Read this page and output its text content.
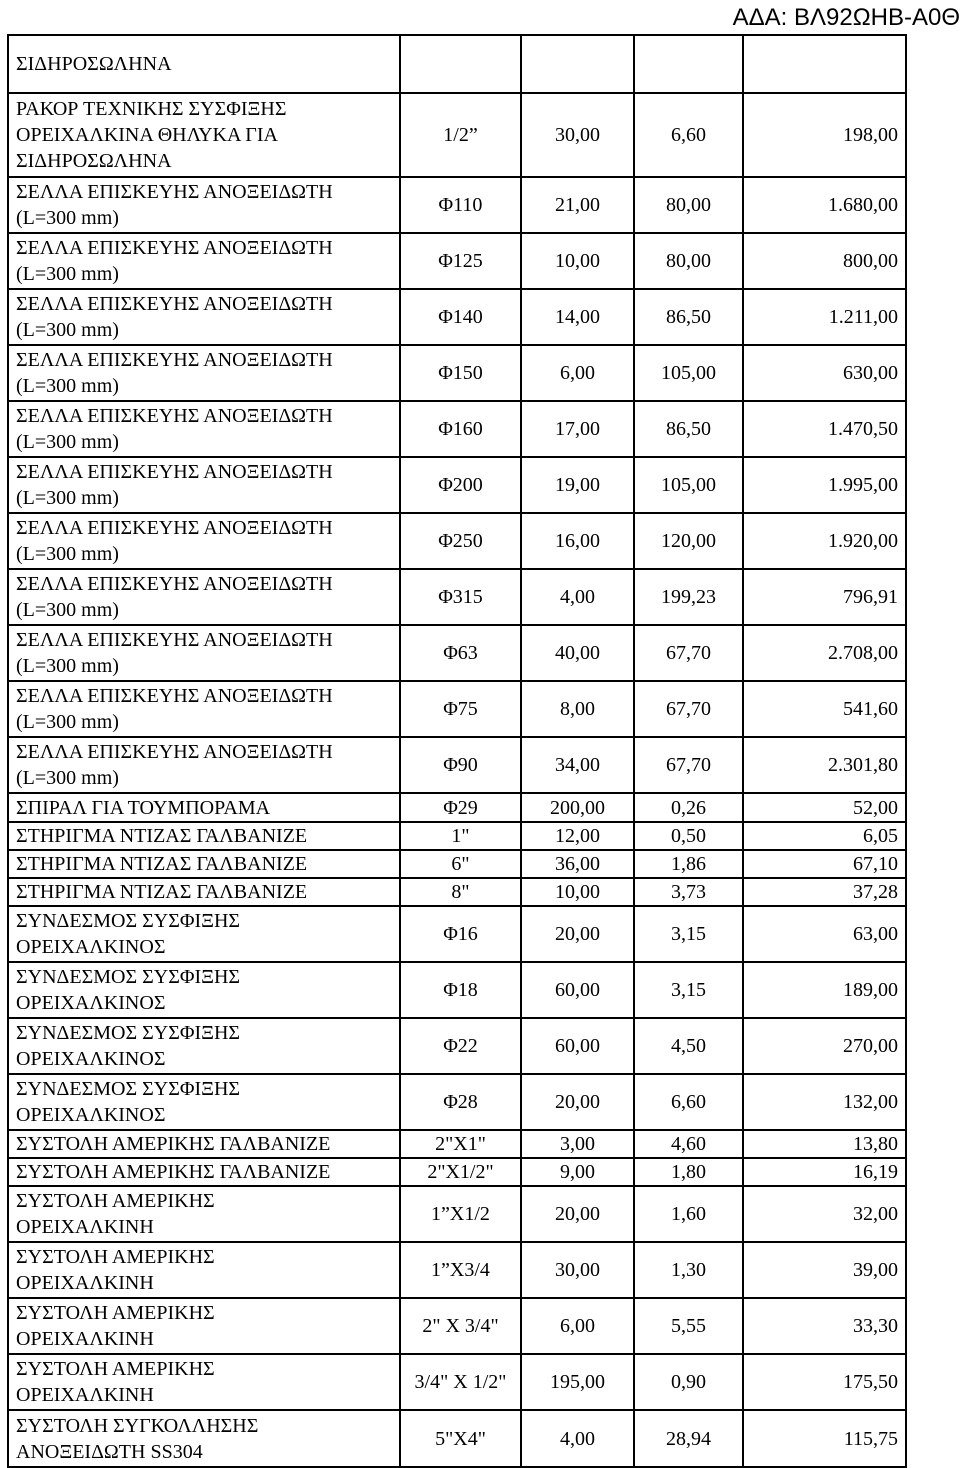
ΑΔΑ: ΒΛ92ΩΗΒ-Α0Θ
ΣΙΔΗΡΟΣΩΛΗΝΑ				
ΡΑΚΟΡ ΤΕΧΝΙΚΗΣ ΣΥΣΦΙΞΗΣ
ΟΡΕΙΧΑΛΚΙΝΑ ΘΗΛΥΚΑ ΓΙΑ
ΣΙΔΗΡΟΣΩΛΗΝΑ	1/2”	30,00	6,60	198,00
ΣΕΛΛΑ ΕΠΙΣΚΕΥΗΣ ΑΝΟΞΕΙΔΩΤΗ
(L=300 mm)	Φ110	21,00	80,00	1.680,00
ΣΕΛΛΑ ΕΠΙΣΚΕΥΗΣ ΑΝΟΞΕΙΔΩΤΗ
(L=300 mm)	Φ125	10,00	80,00	800,00
ΣΕΛΛΑ ΕΠΙΣΚΕΥΗΣ ΑΝΟΞΕΙΔΩΤΗ
(L=300 mm)	Φ140	14,00	86,50	1.211,00
ΣΕΛΛΑ ΕΠΙΣΚΕΥΗΣ ΑΝΟΞΕΙΔΩΤΗ
(L=300 mm)	Φ150	6,00	105,00	630,00
ΣΕΛΛΑ ΕΠΙΣΚΕΥΗΣ ΑΝΟΞΕΙΔΩΤΗ
(L=300 mm)	Φ160	17,00	86,50	1.470,50
ΣΕΛΛΑ ΕΠΙΣΚΕΥΗΣ ΑΝΟΞΕΙΔΩΤΗ
(L=300 mm)	Φ200	19,00	105,00	1.995,00
ΣΕΛΛΑ ΕΠΙΣΚΕΥΗΣ ΑΝΟΞΕΙΔΩΤΗ
(L=300 mm)	Φ250	16,00	120,00	1.920,00
ΣΕΛΛΑ ΕΠΙΣΚΕΥΗΣ ΑΝΟΞΕΙΔΩΤΗ
(L=300 mm)	Φ315	4,00	199,23	796,91
ΣΕΛΛΑ ΕΠΙΣΚΕΥΗΣ ΑΝΟΞΕΙΔΩΤΗ
(L=300 mm)	Φ63	40,00	67,70	2.708,00
ΣΕΛΛΑ ΕΠΙΣΚΕΥΗΣ ΑΝΟΞΕΙΔΩΤΗ
(L=300 mm)	Φ75	8,00	67,70	541,60
ΣΕΛΛΑ ΕΠΙΣΚΕΥΗΣ ΑΝΟΞΕΙΔΩΤΗ
(L=300 mm)	Φ90	34,00	67,70	2.301,80
ΣΠΙΡΑΛ ΓΙΑ ΤΟΥΜΠΟΡΑΜΑ	Φ29	200,00	0,26	52,00
ΣΤΗΡΙΓΜΑ ΝΤΙΖΑΣ ΓΑΛΒΑΝΙΖΕ	1"	12,00	0,50	6,05
ΣΤΗΡΙΓΜΑ ΝΤΙΖΑΣ ΓΑΛΒΑΝΙΖΕ	6"	36,00	1,86	67,10
ΣΤΗΡΙΓΜΑ ΝΤΙΖΑΣ ΓΑΛΒΑΝΙΖΕ	8"	10,00	3,73	37,28
ΣΥΝΔΕΣΜΟΣ ΣΥΣΦΙΞΗΣ
ΟΡΕΙΧΑΛΚΙΝΟΣ	Φ16	20,00	3,15	63,00
ΣΥΝΔΕΣΜΟΣ ΣΥΣΦΙΞΗΣ
ΟΡΕΙΧΑΛΚΙΝΟΣ	Φ18	60,00	3,15	189,00
ΣΥΝΔΕΣΜΟΣ ΣΥΣΦΙΞΗΣ
ΟΡΕΙΧΑΛΚΙΝΟΣ	Φ22	60,00	4,50	270,00
ΣΥΝΔΕΣΜΟΣ ΣΥΣΦΙΞΗΣ
ΟΡΕΙΧΑΛΚΙΝΟΣ	Φ28	20,00	6,60	132,00
ΣΥΣΤΟΛΗ ΑΜΕΡΙΚΗΣ ΓΑΛΒΑΝΙΖΕ	2"X1"	3,00	4,60	13,80
ΣΥΣΤΟΛΗ ΑΜΕΡΙΚΗΣ ΓΑΛΒΑΝΙΖΕ	2"X1/2"	9,00	1,80	16,19
ΣΥΣΤΟΛΗ ΑΜΕΡΙΚΗΣ
ΟΡΕΙΧΑΛΚΙΝΗ	1”X1/2	20,00	1,60	32,00
ΣΥΣΤΟΛΗ ΑΜΕΡΙΚΗΣ
ΟΡΕΙΧΑΛΚΙΝΗ	1”X3/4	30,00	1,30	39,00
ΣΥΣΤΟΛΗ ΑΜΕΡΙΚΗΣ
ΟΡΕΙΧΑΛΚΙΝΗ	2" X 3/4"	6,00	5,55	33,30
ΣΥΣΤΟΛΗ ΑΜΕΡΙΚΗΣ
ΟΡΕΙΧΑΛΚΙΝΗ	3/4" X 1/2"	195,00	0,90	175,50
ΣΥΣΤΟΛΗ ΣΥΓΚΟΛΛΗΣΗΣ
ΑΝΟΞΕΙΔΩΤΗ SS304	5"X4"	4,00	28,94	115,75
